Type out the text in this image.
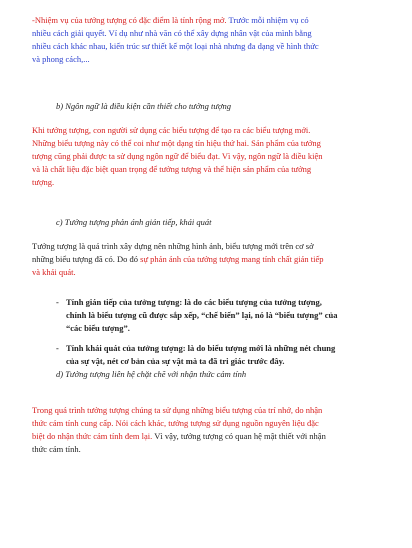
-Nhiệm vụ của tưởng tượng có đặc điểm là tính rộng mở. Trước mỗi nhiệm vụ có
nhiều cách giải quyết. Ví dụ như nhà văn có thể xây dựng nhân vật của mình bằng
nhiều cách khác nhau, kiến trúc sư thiết kế một loại nhà nhưng đa dạng về hình thức
và phong cách,...
b) Ngôn ngữ là điều kiện cần thiết cho tưởng tượng
Khi tưởng tượng, con người sử dụng các biểu tượng để tạo ra các biểu tượng mới.
Những biểu tượng này có thể coi như một dạng tín hiệu thứ hai. Sản phẩm của tưởng
tượng cũng phải được ta sử dụng ngôn ngữ để biểu đạt. Vì vậy, ngôn ngữ là điều kiện
và là chất liệu đặc biệt quan trọng để tưởng tượng và thể hiện sản phẩm của tưởng
tượng.
c) Tưởng tượng phản ánh gián tiếp, khái quát
Tưởng tượng là quá trình xây dựng nên những hình ảnh, biểu tượng mới trên cơ sở
những biểu tượng đã có. Do đó sự phản ánh của tưởng tượng mang tính chất gián tiếp
và khái quát.
- Tính gián tiếp của tưởng tượng: là do các biểu tượng của tưởng tượng,
chính là biểu tượng cũ được sắp xếp, “chế biến” lại, nó là “biểu tượng” của
“các biểu tượng”.
- Tính khái quát của tưởng tượng: là do biểu tượng mới là những nét chung
của sự vật, nét cơ bản của sự vật mà ta đã tri giác trước đây.
d) Tưởng tượng liên hệ chặt chẽ với nhận thức cảm tính
Trong quá trình tưởng tượng chúng ta sử dụng những biểu tượng của trí nhớ, do nhận
thức cảm tính cung cấp. Nói cách khác, tưởng tượng sử dụng nguồn nguyên liệu đặc
biệt do nhận thức cảm tính đem lại. Vì vậy, tưởng tượng có quan hệ mật thiết với nhận
thức cảm tính.
